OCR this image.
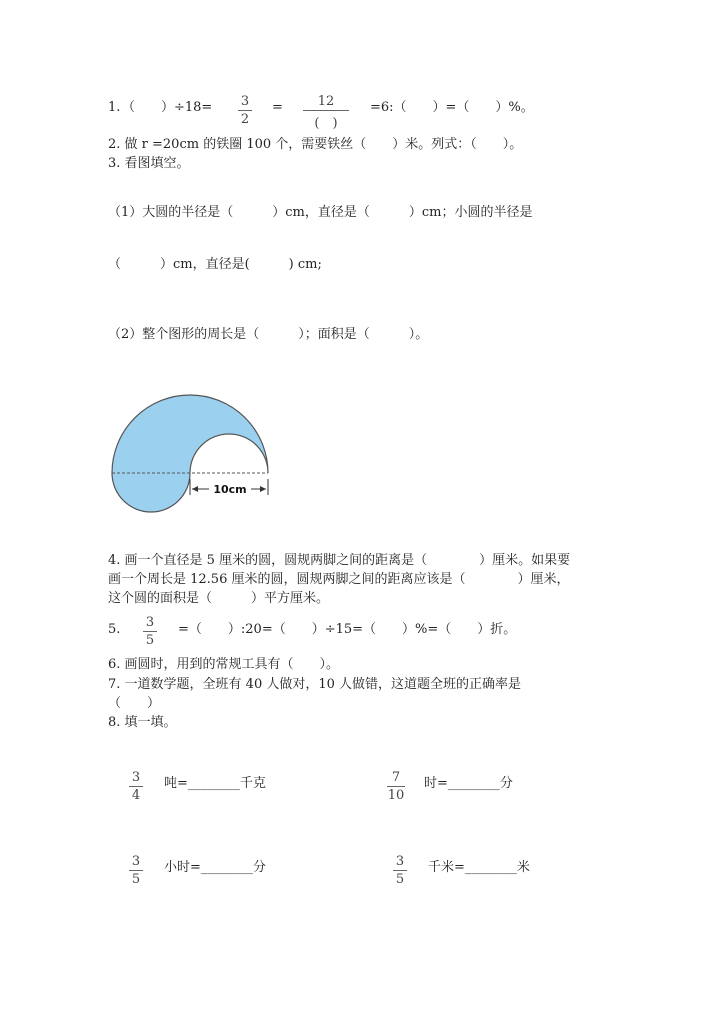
1. （　　）÷18= 3
2
=	12
(　)
=6:（　　）=（　　）%。
2. 做 r =20cm 的铁圈 100 个，需要铁丝（　　）米。列式：（　　）。
3. 看图填空。
（1）大圆的半径是（　　　）cm，直径是（　　　）cm；小圆的半径是
（　　　）cm，直径是(　　　) cm;
（2）整个图形的周长是（　　　）；面积是（　　　）。
10cm
4. 画一个直径是 5 厘米的圆，圆规两脚之间的距离是（　　　　）厘米。如果要
画一个周长是 12.56 厘米的圆，圆规两脚之间的距离应该是（　　　　）厘米，
这个圆的面积是（　　　）平方厘米。
5. 3
5
=（　　）:20=（　　）÷15=（　　）%=（　　）折。
6. 画圆时，用到的常规工具有（　　）。
7. 一道数学题，全班有 40 人做对，10 人做错，这道题全班的正确率是
（　　）
8. 填一填。
3
4
吨=________千克	7
10
时=________分
3
5
小时=________分	3
5
千米=________米
